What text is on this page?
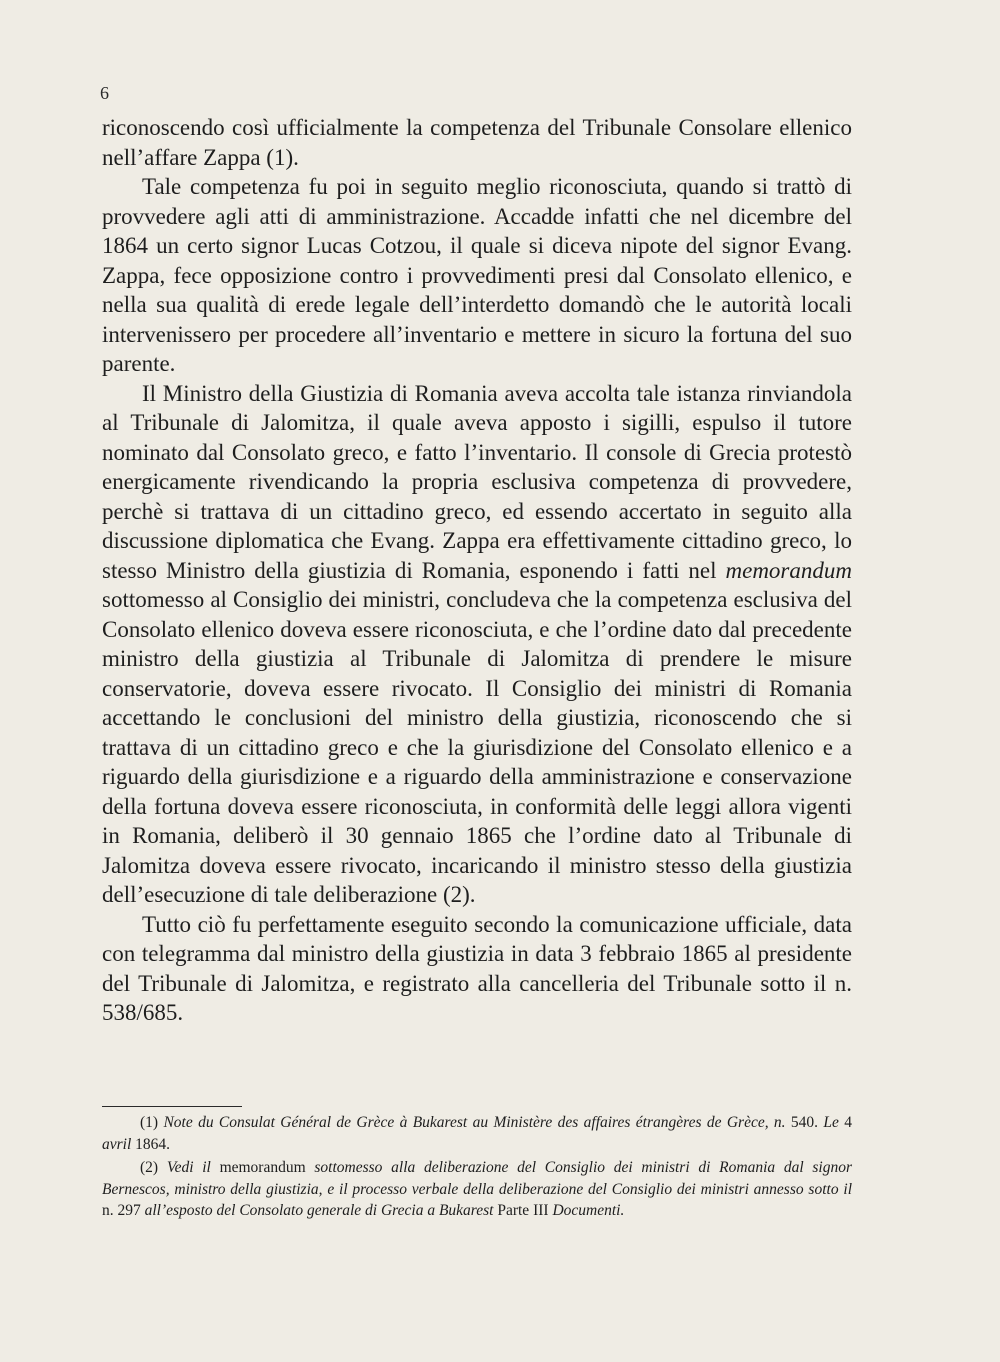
6

riconoscendo così ufficialmente la competenza del Tribunale Consolare ellenico nell’affare Zappa (1).

Tale competenza fu poi in seguito meglio riconosciuta, quando si trattò di provvedere agli atti di amministrazione. Accadde infatti che nel dicembre del 1864 un certo signor Lucas Cotzou, il quale si diceva nipote del signor Evang. Zappa, fece opposizione contro i provvedimenti presi dal Consolato ellenico, e nella sua qualità di erede legale dell’interdetto domandò che le autorità locali intervenissero per procedere all’inventario e mettere in sicuro la fortuna del suo parente.

Il Ministro della Giustizia di Romania aveva accolta tale istanza rinviandola al Tribunale di Jalomitza, il quale aveva apposto i sigilli, espulso il tutore nominato dal Consolato greco, e fatto l’inventario. Il console di Grecia protestò energicamente rivendicando la propria esclusiva competenza di provvedere, perchè si trattava di un cittadino greco, ed essendo accertato in seguito alla discussione diplomatica che Evang. Zappa era effettivamente cittadino greco, lo stesso Ministro della giustizia di Romania, esponendo i fatti nel memorandum sottomesso al Consiglio dei ministri, concludeva che la competenza esclusiva del Consolato ellenico doveva essere riconosciuta, e che l’ordine dato dal precedente ministro della giustizia al Tribunale di Jalomitza di prendere le misure conservatorie, doveva essere rivocato. Il Consiglio dei ministri di Romania accettando le conclusioni del ministro della giustizia, riconoscendo che si trattava di un cittadino greco e che la giurisdizione del Consolato ellenico e a riguardo della giurisdizione e a riguardo della amministrazione e conservazione della fortuna doveva essere riconosciuta, in conformità delle leggi allora vigenti in Romania, deliberò il 30 gennaio 1865 che l’ordine dato al Tribunale di Jalomitza doveva essere rivocato, incaricando il ministro stesso della giustizia dell’esecuzione di tale deliberazione (2).

Tutto ciò fu perfettamente eseguito secondo la comunicazione ufficiale, data con telegramma dal ministro della giustizia in data 3 febbraio 1865 al presidente del Tribunale di Jalomitza, e registrato alla cancelleria del Tribunale sotto il n. 538/685.

(1) Note du Consulat Général de Grèce à Bukarest au Ministère des affaires étrangères de Grèce, n. 540. Le 4 avril 1864.

(2) Vedi il memorandum sottomesso alla deliberazione del Consiglio dei ministri di Romania dal signor Bernescos, ministro della giustizia, e il processo verbale della deliberazione del Consiglio dei ministri annesso sotto il n. 297 all’esposto del Consolato generale di Grecia a Bukarest Parte III Documenti.
